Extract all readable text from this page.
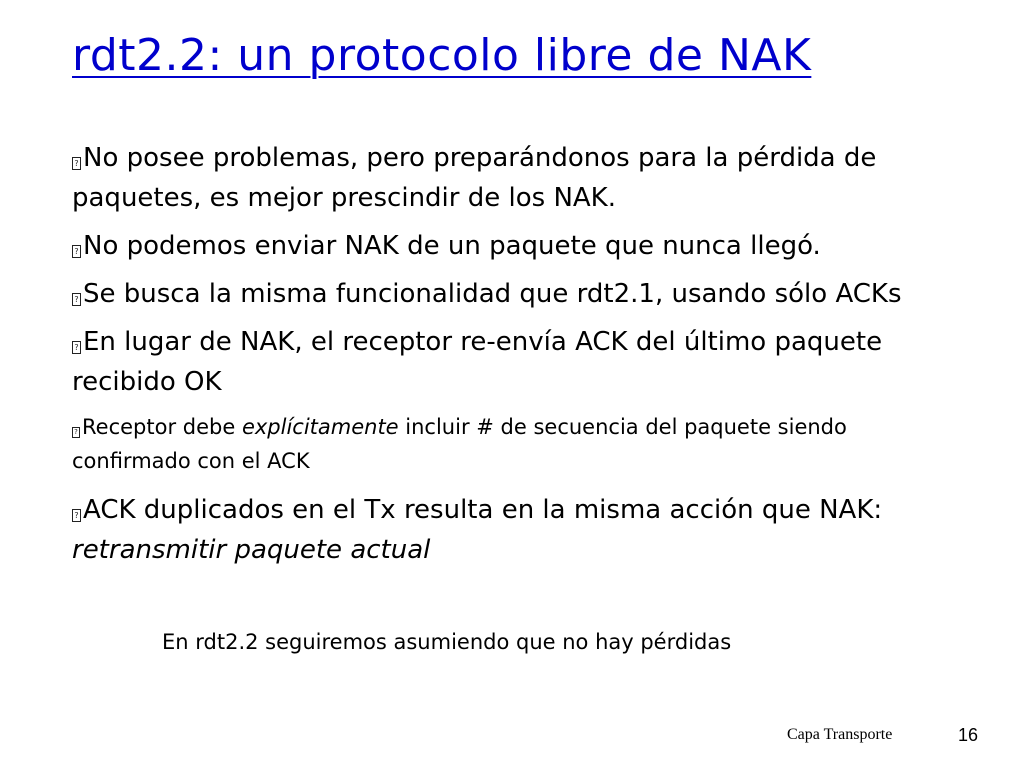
rdt2.2: un protocolo libre de NAK
? No posee problemas, pero preparándonos para la pérdida de paquetes, es mejor prescindir de los NAK.
? No podemos enviar NAK de un paquete que nunca llegó.
? Se busca la misma funcionalidad que rdt2.1, usando sólo ACKs
? En lugar de NAK, el receptor re-envía ACK del último paquete recibido OK
? Receptor debe explícitamente incluir # de secuencia del paquete siendo confirmado con el ACK
? ACK duplicados en el Tx resulta en la misma acción que NAK: retransmitir paquete actual
En rdt2.2 seguiremos asumiendo que no hay pérdidas
Capa Transporte	16
